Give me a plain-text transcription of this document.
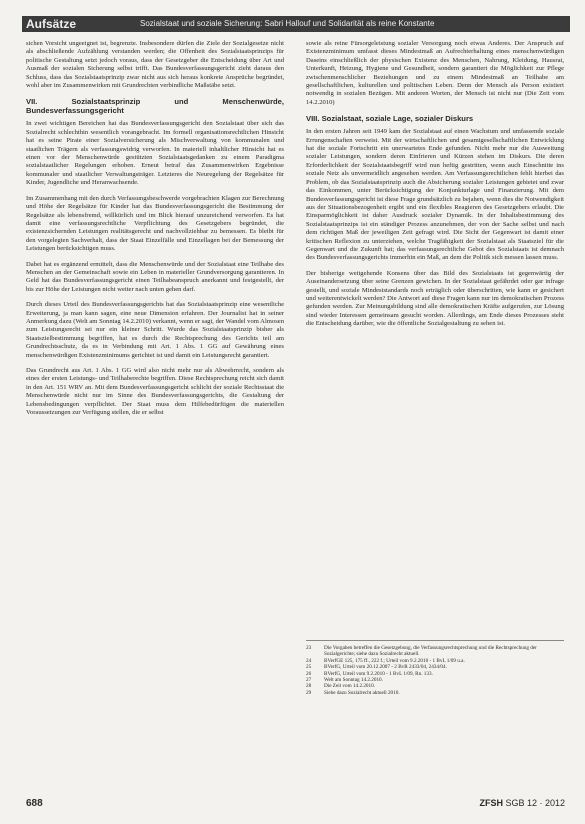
Aufsätze	Sozialstaat und soziale Sicherung: Sabri Hallouf und Solidarität als reine Konstante

sichen Vorsicht ungeeignet ist, begrenzte. Insbesondere dürfen die Ziele der Sozialgesetze nicht als abschließende Aufzählung verstanden werden; die Offenheit des Sozialstaatsprinzips für politische Gestaltung setzt jedoch voraus, dass der Gesetzgeber die Entscheidung über Art und Ausmaß der sozialen Sicherung selbst trifft. Das Bundesverfassungsgericht zieht daraus den Schluss, dass das Sozialstaatsprinzip zwar nicht aus sich heraus konkrete Ansprüche begründet, wohl aber im Zusammenwirken mit Grundrechten verbindliche Maßstäbe setzt.

VII. Sozialstaatsprinzip und Menschenwürde, Bundesverfassungsgericht

In zwei wichtigen Bereichen hat das Bundesverfassungsgericht den Sozialstaat über sich das Sozialrecht schlechthin wesentlich vorangebracht. Im formell organisationsrechtlichen Hinsicht hat es seine Pirate einer Sozialversicherung als Mischverwaltung von kommunalen und staatlichen Trägern als verfassungswidrig verworfen. In materiell inhaltlicher Hinsicht hat es einen vor der Menschenwürde gestützten Sozialstaatsgedanken zu einem Paradigma sozialstaatlicher Regelungen erhoben. Erneut betraf das Zusammenwirken Ergebnisse kommunaler und staatlicher Verwaltungsträger. Letzteres die Neuregelung der Regelsätze für Kinder, Jugendliche und Heranwachsende.

Im Zusammenhang mit den durch Verfassungsbeschwerde vorgebrachten Klagen zur Berechnung und Höhe der Regelsätze für Kinder hat das Bundesverfassungsgericht die Bestimmung der Regelsätze als lebensfremd, willkürlich und im Blick hierauf unzureichend verworfen. Es hat damit eine verfassungsrechtliche Verpflichtung des Gesetzgebers begründet, die existenzsichernden Leistungen realitätsgerecht und nachvollziehbar zu bemessen. Es bleibt für den vorgelegten Sachverhalt, dass der Staat Einzelfälle und Einzellagen bei der Bemessung der Leistungen berücksichtigen muss.

Dabei hat es ergänzend ermittelt, dass die Menschenwürde und der Sozialstaat eine Teilhabe des Menschen an der Gemeinschaft sowie ein Leben in materieller Grundversorgung garantieren. In Geld hat das Bundesverfassungsgericht einen Teilhabeanspruch anerkannt und festgestellt, der bis zur Höhe der Leistungen nicht weiter nach unten gehen darf.

Durch dieses Urteil des Bundesverfassungsgerichts hat das Sozialstaatsprinzip eine wesentliche Erweiterung, ja man kann sagen, eine neue Dimension erfahren. Der Journalist hat in seiner Anmerkung dazu (Welt am Sonntag 14.2.2010) verkannt, wenn er sagt, der Wandel vom Almosen zum Leistungsrecht sei nur ein kleiner Schritt. Wurde das Sozialstaatsprinzip bisher als Staatszielbestimmung begriffen, hat es durch die Rechtsprechung des Gerichts teil am Grundrechtsschutz, da es in Verbindung mit Art. 1 Abs. 1 GG auf Gewährung eines menschenwürdigen Existenzminimums gerichtet ist und damit ein Leistungsrecht garantiert.

Das Grundrecht aus Art. 1 Abs. 1 GG wird also nicht mehr nur als Abwehrrecht, sondern als eines der ersten Leistungs- und Teilhaberechte begriffen. Diese Rechtsprechung reicht sich damit in den Art. 151 WRV an. Mit dem Bundesverfassungsgericht schlicht der soziale Rechtsstaat die Menschenwürde nicht nur im Sinne des Bundesverfassungsgerichts, die Gestaltung der Lebensbedingungen verpflichtet. Der Staat muss dem Hilfebedürftigen die materiellen Voraussetzungen zur Verfügung stellen, die er selbst

sowie als reine Fürsorgeleistung sozialer Versorgung noch etwas Anderes. Der Anspruch auf Existenzminimum umfasst dieses Mindestmaß an Aufrechterhaltung eines menschenwürdigen Daseins einschließlich der physischen Existenz des Menschen, Nahrung, Kleidung, Hausrat, Unterkunft, Heizung, Hygiene und Gesundheit, sondern garantiert die Möglichkeit zur Pflege zwischenmenschlicher Beziehungen und zu einem Mindestmaß an Teilhabe am gesellschaftlichen, kulturellen und politischen Leben. Denn der Mensch als Person existiert notwendig in sozialen Bezügen. Mit anderen Worten, der Mensch ist nicht nur (Die Zeit vom 14.2.2010)

VIII. Sozialstaat, soziale Lage, sozialer Diskurs

In den ersten Jahren seit 1949 kam der Sozialstaat auf einen Wachstum und umfassende soziale Errungenschaften verweist. Mit der wirtschaftlichen und gesamtgesellschaftlichen Entwicklung hat die soziale Fortschritt ein unerwartetes Ende gefunden. Nicht mehr nur die Ausweitung sozialer Leistungen, sondern deren Einfrieren und Kürzen stehen im Diskurs. Die deren Erforderlichkeit der Sozialstaatsbegriff wird nun heftig gestritten, wenn auch Einschnitte ins soziale Netz als unvermeidlich angesehen werden. Am Verfassungsrechtlichen fehlt hierbei das Problem, ob das Sozialstaatsprinzip auch die Absicherung sozialer Leistungen gebietet und zwar das Einkommen, unter Berücksichtigung der Konjunkturlage und Finanzierung. Mit dem Bundesverfassungsgericht ist diese Frage grundsätzlich zu bejahen, wenn dies die Notwendigkeit aus der Situationsbezogenheit ergibt und ein flexibles Reagieren des Gesetzgebers erlaubt. Die Einsparmöglichkeit ist daher Ausdruck sozialer Dynamik. In der Inhaltsbestimmung des Sozialstaatsprinzips ist ein ständiger Prozess anzunehmen, der von der Sache selbst und nach dem richtigen Maß der jeweiligen Zeit gefragt wird. Die Sicht der Gegenwart ist damit einer kritischen Reflexion zu unterziehen, welche Tragfähigkeit der Sozialstaat als Staatsziel für die Gegenwart und die Zukunft hat; das verfassungsrechtliche Gebot des Sozialstaats ist demnach des Bundesverfassungsgerichts immerhin ein Maß, an dem die Politik sich messen lassen muss.

Der bisherige weitgehende Konsens über das Bild des Sozialstaats ist gegenwärtig der Auseinandersetzung über seine Grenzen gewichen. In der Sozialstaat gefährdet oder gar infrage gestellt, und soziale Mindeststandards noch erträglich oder überschritten, wie kann er gesichert und weiterentwickelt werden? Die Antwort auf diese Fragen kann nur im demokratischen Prozess gefunden werden. Zur Meinungsbildung sind alle demokratischen Kräfte aufgerufen, zur Lösung sind wieder Interessen gemeinsam gesucht worden. Allerdings, am Ende dieses Prozesses steht die Entscheidung darüber, wie die öffentliche Sozialgestaltung zu sehen ist.

23	Die Vorgaben betreffen die Gesetzgebung, die Verfassungsrechtsprechung und die Rechtsprechung der Sozialgerichte; siehe dazu Sozialrecht aktuell.
24	BVerfGE 125, 175 ff., 222 f.; Urteil vom 9.2.2010 - 1 BvL 1/09 u.a.
25	BVerfG, Urteil vom 20.12.2007 - 2 BvR 2433/04, 2434/04.
26	BVerfG, Urteil vom 9.2.2010 - 1 BvL 1/09, Rn. 133.
27	Welt am Sonntag 14.2.2010.
28	Die Zeit vom 14.2.2010.
29	Siehe dazu Sozialrecht aktuell 2010.
688	ZFSH SGB 12 · 2012
